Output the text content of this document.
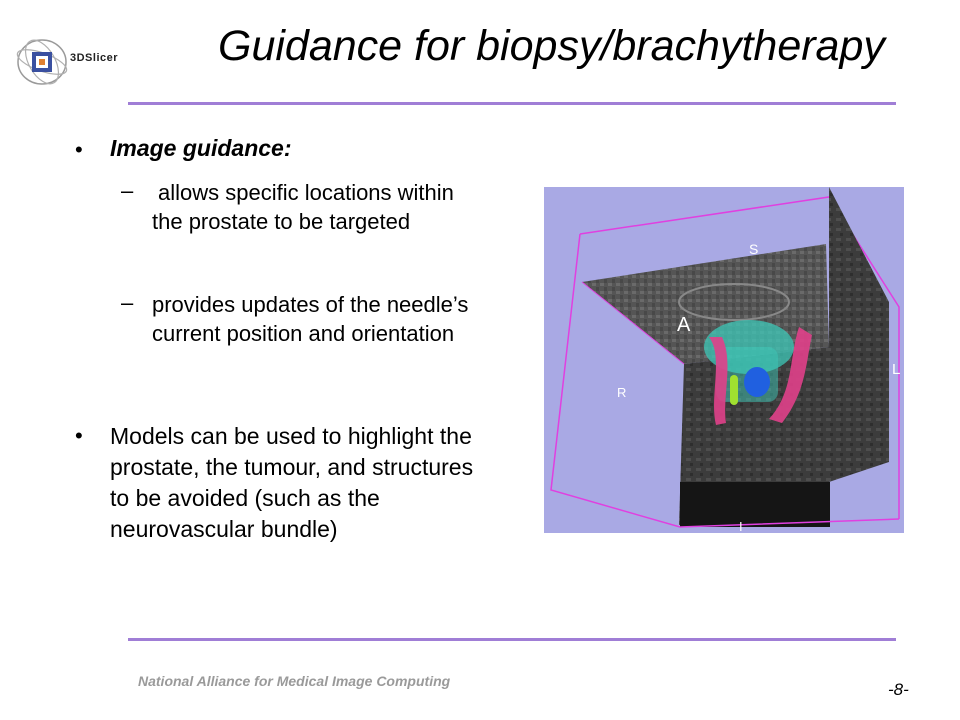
3DSlicer Guidance for biopsy/brachytherapy
• Image guidance:
– allows specific locations within the prostate to be targeted
– provides updates of the needle’s current position and orientation
• Models can be used to highlight the prostate, the tumour, and structures to be avoided (such as the neurovascular bundle)
S
A
L
R
I
National Alliance for Medical Image Computing	-8-
